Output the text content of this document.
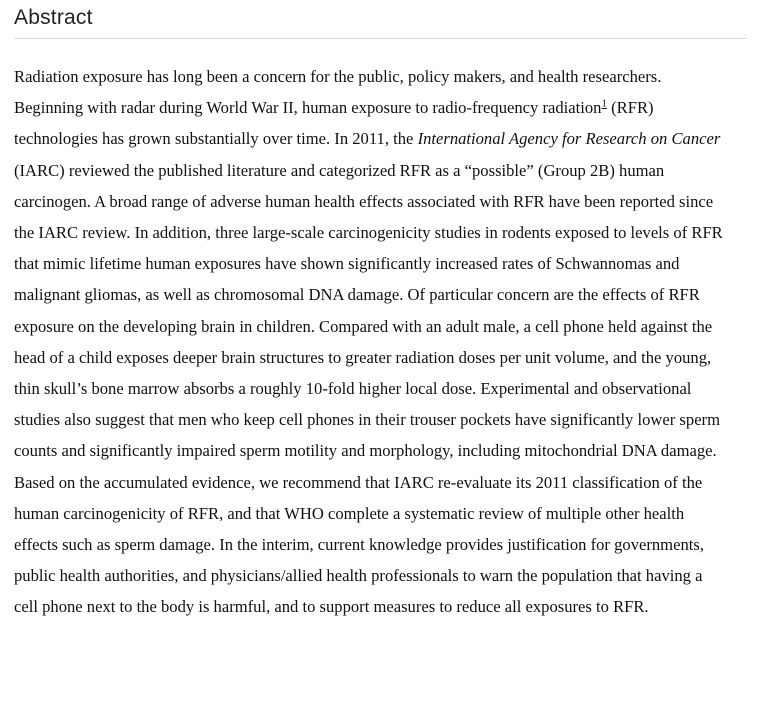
Abstract

Radiation exposure has long been a concern for the public, policy makers, and health researchers. Beginning with radar during World War II, human exposure to radio-frequency radiation$^1$ (RFR) technologies has grown substantially over time. In 2011, the International Agency for Research on Cancer (IARC) reviewed the published literature and categorized RFR as a “possible” (Group 2B) human carcinogen. A broad range of adverse human health effects associated with RFR have been reported since the IARC review. In addition, three large-scale carcinogenicity studies in rodents exposed to levels of RFR that mimic lifetime human exposures have shown significantly increased rates of Schwannomas and malignant gliomas, as well as chromosomal DNA damage. Of particular concern are the effects of RFR exposure on the developing brain in children. Compared with an adult male, a cell phone held against the head of a child exposes deeper brain structures to greater radiation doses per unit volume, and the young, thin skull’s bone marrow absorbs a roughly 10-fold higher local dose. Experimental and observational studies also suggest that men who keep cell phones in their trouser pockets have significantly lower sperm counts and significantly impaired sperm motility and morphology, including mitochondrial DNA damage. Based on the accumulated evidence, we recommend that IARC re-evaluate its 2011 classification of the human carcinogenicity of RFR, and that WHO complete a systematic review of multiple other health effects such as sperm damage. In the interim, current knowledge provides justification for governments, public health authorities, and physicians/allied health professionals to warn the population that having a cell phone next to the body is harmful, and to support measures to reduce all exposures to RFR.
